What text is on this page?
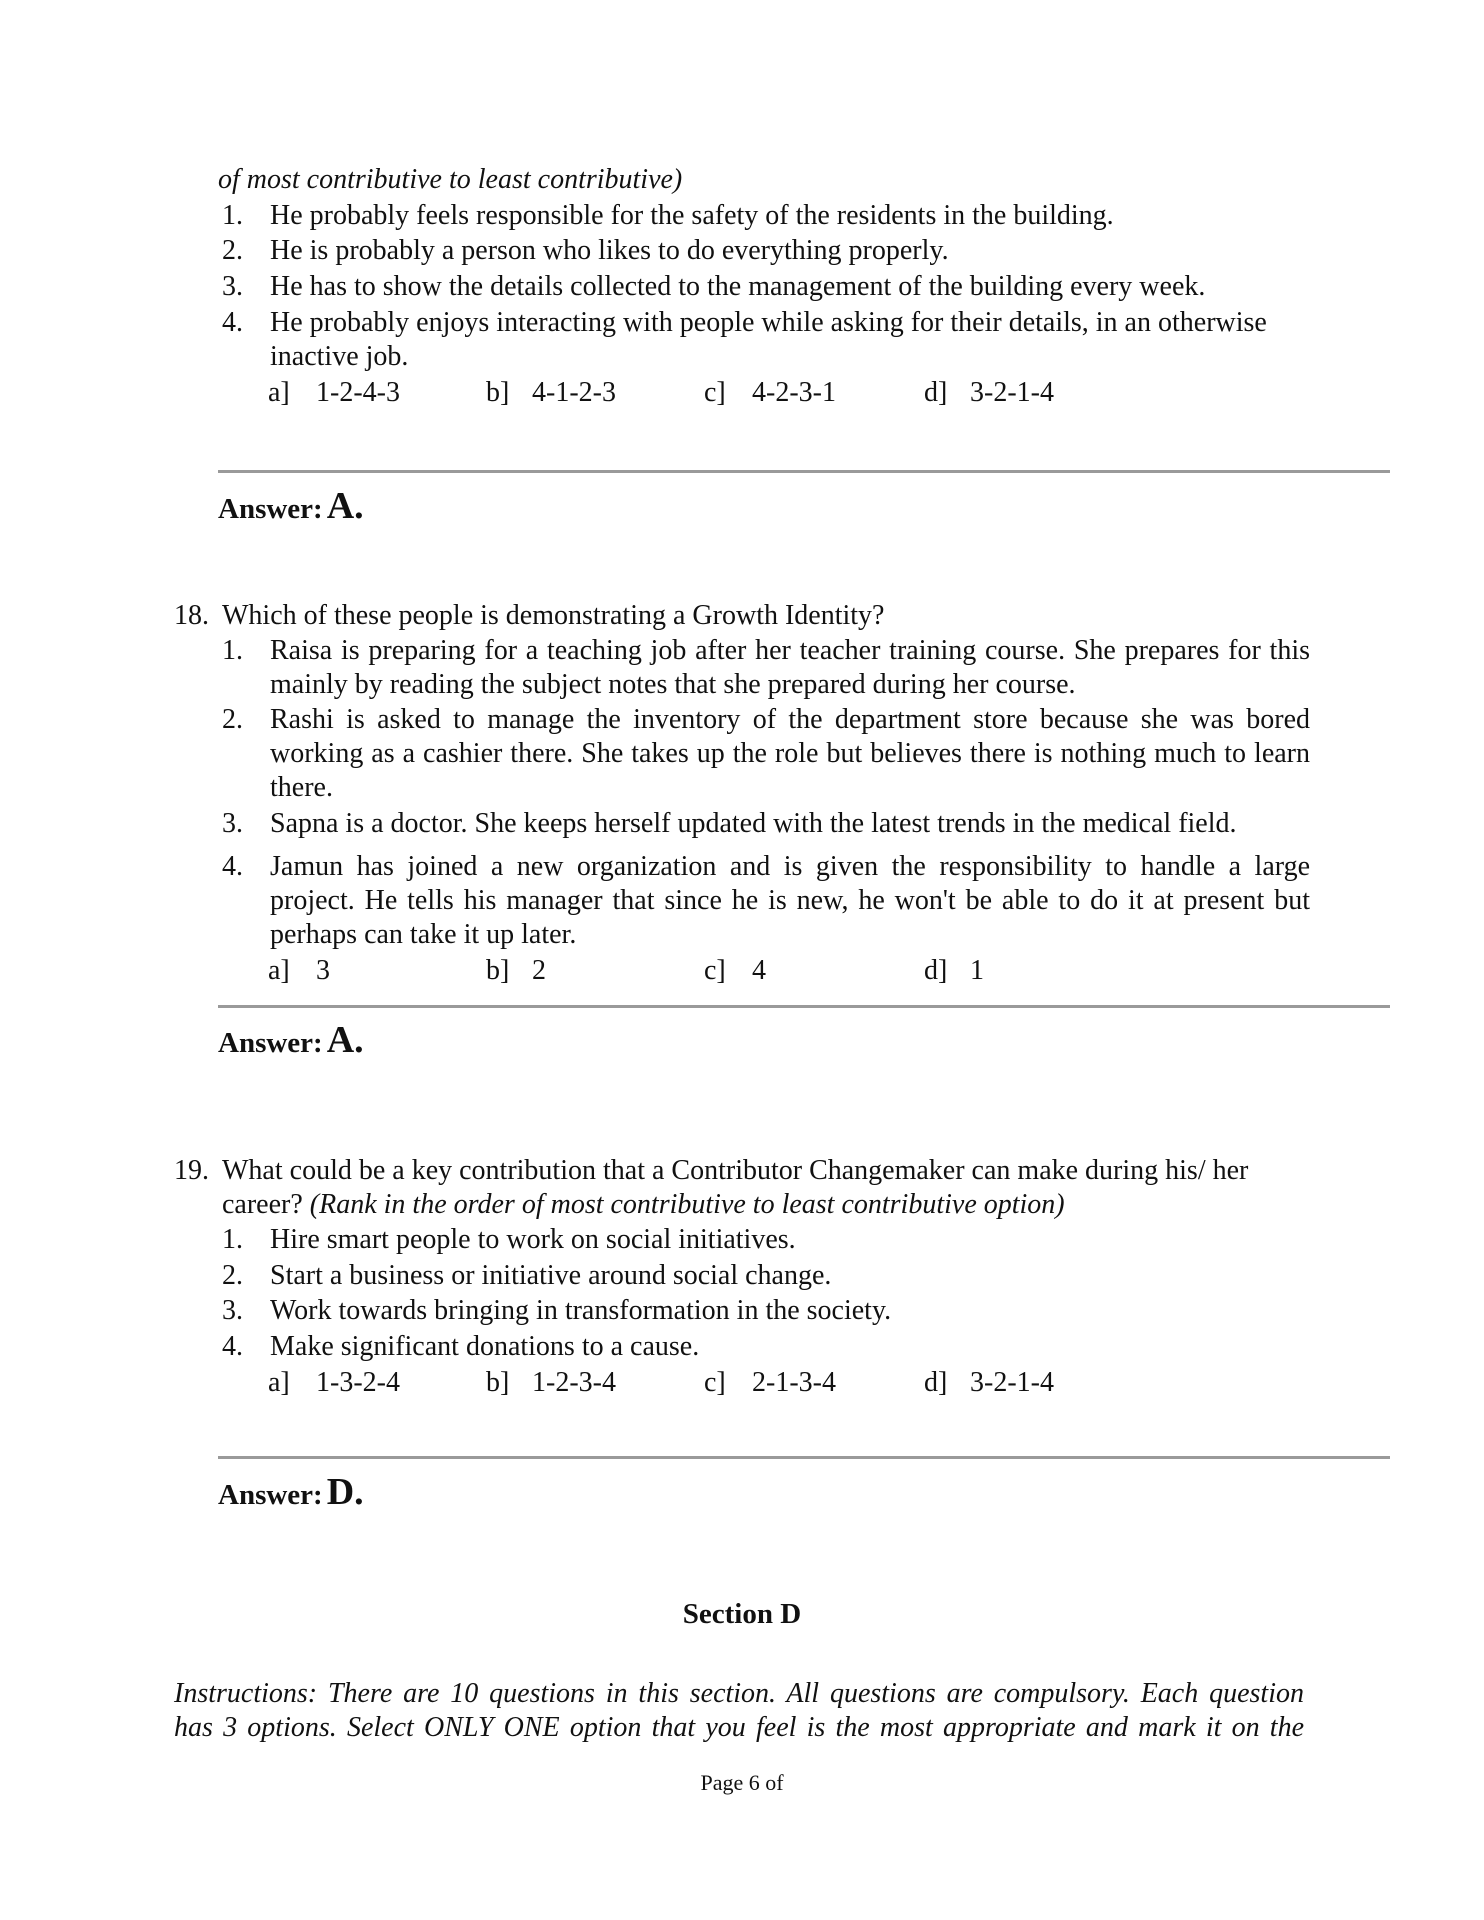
of most contributive to least contributive)
1. He probably feels responsible for the safety of the residents in the building.
2. He is probably a person who likes to do everything properly.
3. He has to show the details collected to the management of the building every week.
4. He probably enjoys interacting with people while asking for their details, in an otherwise inactive job.
a] 1-2-4-3	b] 4-1-2-3	c] 4-2-3-1	d] 3-2-1-4
Answer: A.
18. Which of these people is demonstrating a Growth Identity?
1. Raisa is preparing for a teaching job after her teacher training course. She prepares for this mainly by reading the subject notes that she prepared during her course.
2. Rashi is asked to manage the inventory of the department store because she was bored working as a cashier there. She takes up the role but believes there is nothing much to learn there.
3. Sapna is a doctor. She keeps herself updated with the latest trends in the medical field.
4. Jamun has joined a new organization and is given the responsibility to handle a large project. He tells his manager that since he is new, he won't be able to do it at present but perhaps can take it up later.
a] 3	b] 2	c] 4	d] 1
Answer: A.
19. What could be a key contribution that a Contributor Changemaker can make during his/ her career? (Rank in the order of most contributive to least contributive option)
1. Hire smart people to work on social initiatives.
2. Start a business or initiative around social change.
3. Work towards bringing in transformation in the society.
4. Make significant donations to a cause.
a] 1-3-2-4	b] 1-2-3-4	c] 2-1-3-4	d] 3-2-1-4
Answer: D.
Section D
Instructions: There are 10 questions in this section. All questions are compulsory. Each question
has 3 options. Select ONLY ONE option that you feel is the most appropriate and mark it on the
Page 6 of
